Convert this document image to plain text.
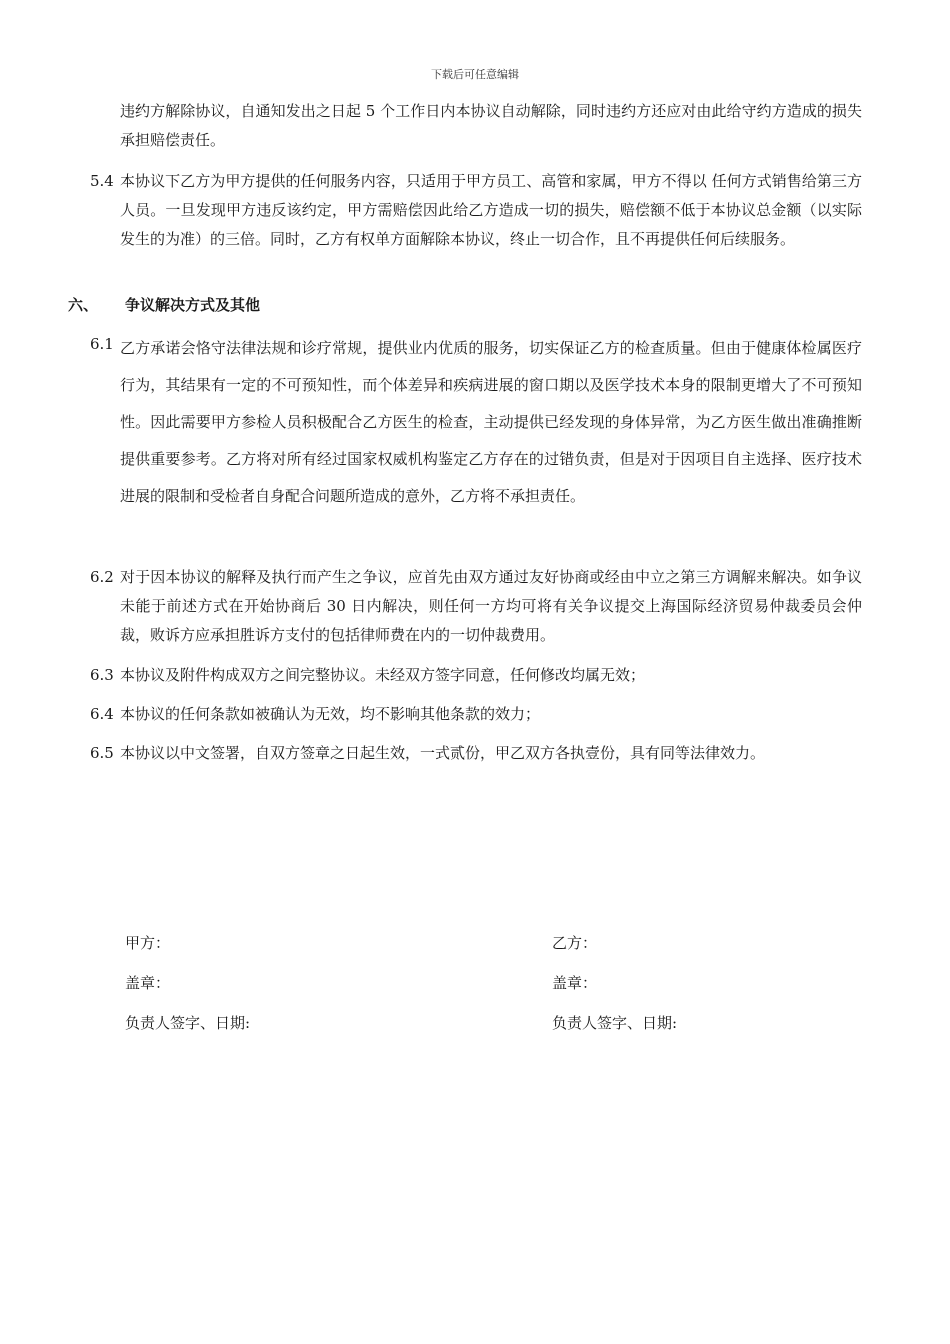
下载后可任意编辑
违约方解除协议，自通知发出之日起 5 个工作日内本协议自动解除，同时违约方还应对由此给守约方造成的损失承担赔偿责任。
5.4 本协议下乙方为甲方提供的任何服务内容，只适用于甲方员工、高管和家属，甲方不得以 任何方式销售给第三方人员。一旦发现甲方违反该约定，甲方需赔偿因此给乙方造成一切的损失，赔偿额不低于本协议总金额（以实际发生的为准）的三倍。同时，乙方有权单方面解除本协议，终止一切合作，且不再提供任何后续服务。
六、 争议解决方式及其他
6.1 乙方承诺会恪守法律法规和诊疗常规，提供业内优质的服务，切实保证乙方的检查质量。但由于健康体检属医疗行为，其结果有一定的不可预知性，而个体差异和疾病进展的窗口期以及医学技术本身的限制更增大了不可预知性。因此需要甲方参检人员积极配合乙方医生的检查，主动提供已经发现的身体异常，为乙方医生做出准确推断提供重要参考。乙方将对所有经过国家权威机构鉴定乙方存在的过错负责，但是对于因项目自主选择、医疗技术进展的限制和受检者自身配合问题所造成的意外，乙方将不承担责任。
6.2 对于因本协议的解释及执行而产生之争议，应首先由双方通过友好协商或经由中立之第三方调解来解决。如争议未能于前述方式在开始协商后 30 日内解决，则任何一方均可将有关争议提交上海国际经济贸易仲裁委员会仲裁，败诉方应承担胜诉方支付的包括律师费在内的一切仲裁费用。
6.3 本协议及附件构成双方之间完整协议。未经双方签字同意，任何修改均属无效；
6.4 本协议的任何条款如被确认为无效，均不影响其他条款的效力；
6.5 本协议以中文签署，自双方签章之日起生效，一式贰份，甲乙双方各执壹份，具有同等法律效力。
甲方：
盖章：
负责人签字、日期:
乙方：
盖章：
负责人签字、日期:
